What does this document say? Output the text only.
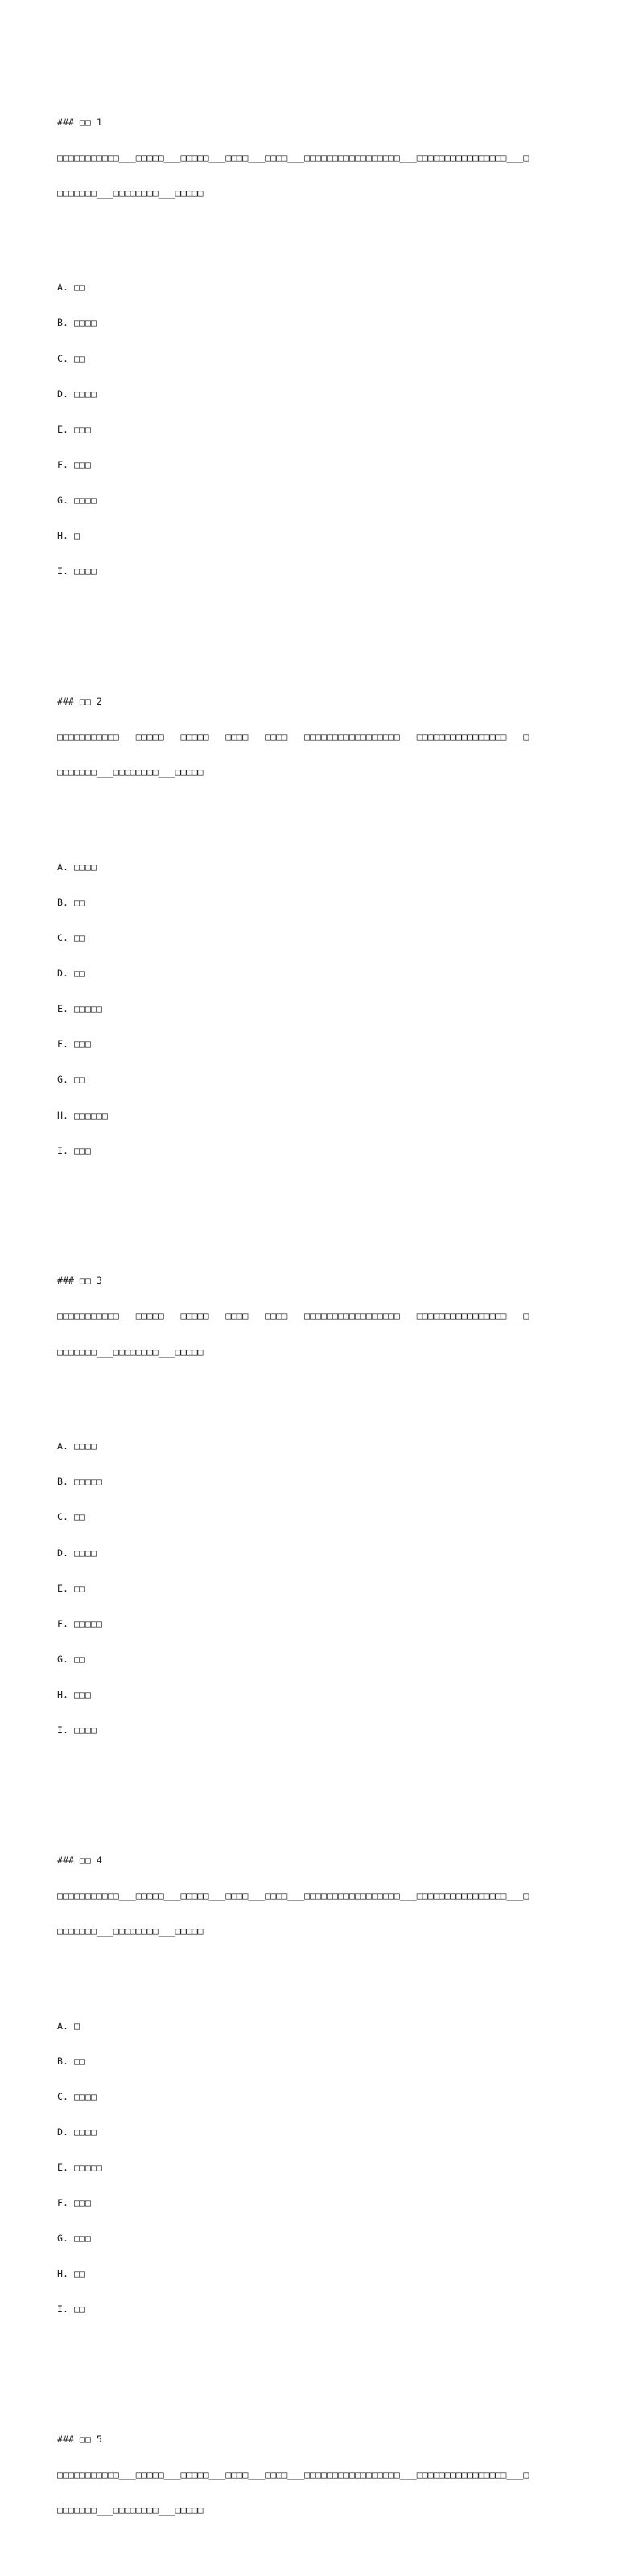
### □□ 1

□□□□□□□□□□□___□□□□□___□□□□□___□□□□___□□□□___□□□□□□□□□□□□□□□□□___□□□□□□□□□□□□□□□□___□

□□□□□□□___□□□□□□□□___□□□□□

A. □□

B. □□□□

C. □□

D. □□□□

E. □□□

F. □□□

G. □□□□

H. □

I. □□□□

### □□ 2

□□□□□□□□□□□___□□□□□___□□□□□___□□□□___□□□□___□□□□□□□□□□□□□□□□□___□□□□□□□□□□□□□□□□___□

□□□□□□□___□□□□□□□□___□□□□□

A. □□□□

B. □□

C. □□

D. □□

E. □□□□□

F. □□□

G. □□

H. □□□□□□

I. □□□

### □□ 3

□□□□□□□□□□□___□□□□□___□□□□□___□□□□___□□□□___□□□□□□□□□□□□□□□□□___□□□□□□□□□□□□□□□□___□

□□□□□□□___□□□□□□□□___□□□□□

A. □□□□

B. □□□□□

C. □□

D. □□□□

E. □□

F. □□□□□

G. □□

H. □□□

I. □□□□

### □□ 4

□□□□□□□□□□□___□□□□□___□□□□□___□□□□___□□□□___□□□□□□□□□□□□□□□□□___□□□□□□□□□□□□□□□□___□

□□□□□□□___□□□□□□□□___□□□□□

A. □

B. □□

C. □□□□

D. □□□□

E. □□□□□

F. □□□

G. □□□

H. □□

I. □□

### □□ 5

□□□□□□□□□□□___□□□□□___□□□□□___□□□□___□□□□___□□□□□□□□□□□□□□□□□___□□□□□□□□□□□□□□□□___□

□□□□□□□___□□□□□□□□___□□□□□
